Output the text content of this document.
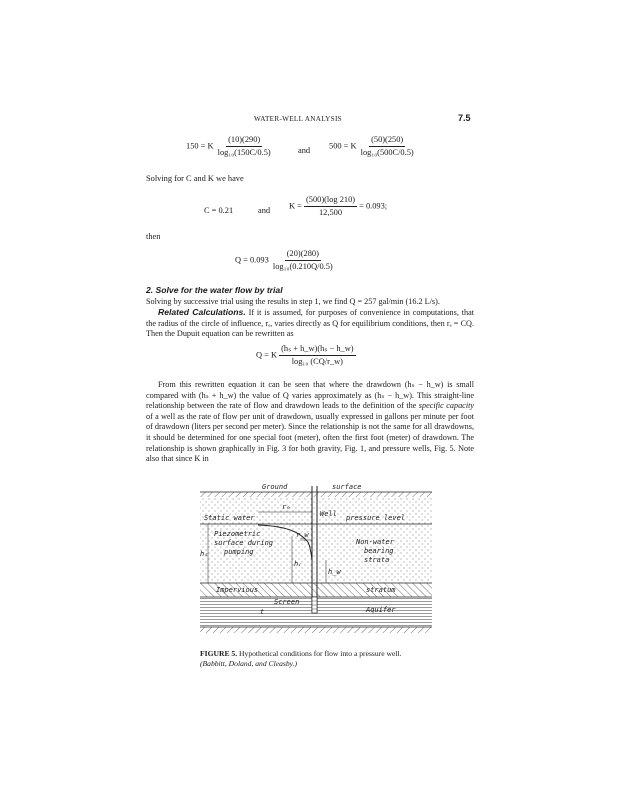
WATER-WELL ANALYSIS	7.5
150 = K $\frac{(10)(290)}{\text{log₁₀(150C/0.5)}}$	and
500 = K $\frac{(50)(250)}{\text{log₁₀(500C/0.5)}}$
Solving for C and K we have
C = 0.21	and
$K = \frac{(500)(\log 210)}{12,500} = 0.093$;
then
$Q = 0.093 \frac{(20)(280)}{\text{log₁₀(0.210Q/0.5)}}$
2. Solve for the water flow by trial
Solving by successive trial using the results in step 1, we find Q = 257 gal/min (16.2 L/s).
Related Calculations. If it is assumed, for purposes of convenience in computations, that the radius of the circle of influence, rₑ, varies directly as Q for equilibrium conditions, then rₑ = CQ. Then the Dupuit equation can be rewritten as
Q = K $\frac{\text{(hₛ + h\_w)(hₛ − h\_w)}}{\text{log₁₀ (CQ/r\_w)}}$
From this rewritten equation it can be seen that where the drawdown (hₛ − h_w) is small compared with (hₛ + h_w) the value of Q varies approximately as (hₛ − h_w). This straight-line relationship between the rate of flow and drawdown leads to the definition of the specific capacity of a well as the rate of flow per unit of drawdown, usually expressed in gallons per minute per foot of drawdown (liters per second per meter). Since the relationship is not the same for all drawdowns, it should be determined for one special foot (meter), often the first foot (meter) of drawdown. The relationship is shown graphically in Fig. 3 for both gravity, Fig. 1, and pressure wells, Fig. 5. Note also that since K in
Ground	surface
Well
Static water	pressure level
rₑ
r_w
Piezometric
surface during
pumping
Non-water
bearing
strata
hₛ
hᵣ
h_w
Impervious	stratum
Screen
Aquifer
t
FIGURE 5. Hypothetical conditions for flow into a pressure well. (Babbitt, Doland, and Cleasby.)
